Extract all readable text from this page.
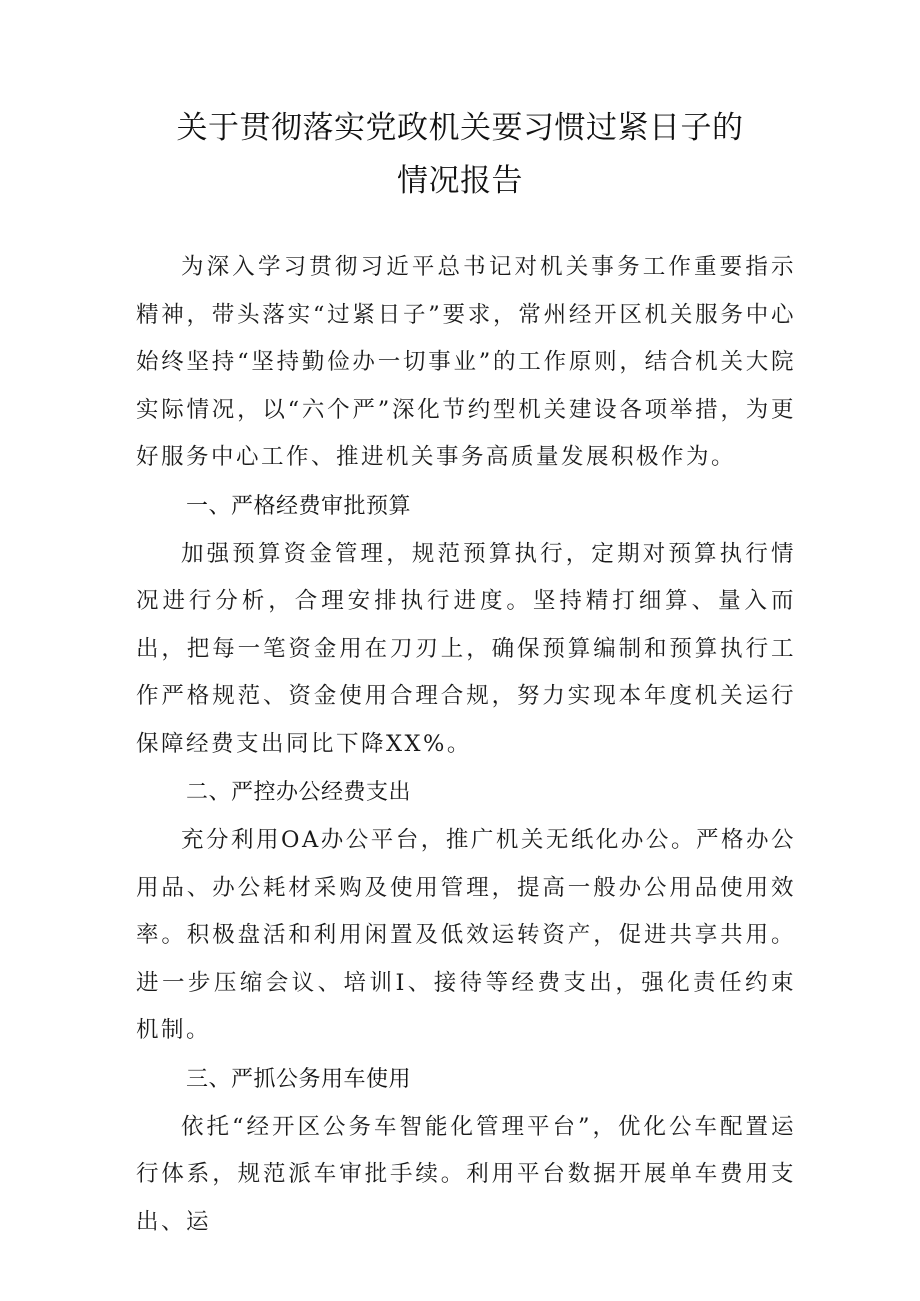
关于贯彻落实党政机关要习惯过紧日子的
情况报告

为深入学习贯彻习近平总书记对机关事务工作重要指示精神，带头落实“过紧日子”要求，常州经开区机关服务中心始终坚持“坚持勤俭办一切事业”的工作原则，结合机关大院实际情况，以“六个严”深化节约型机关建设各项举措，为更好服务中心工作、推进机关事务高质量发展积极作为。

一、严格经费审批预算

加强预算资金管理，规范预算执行，定期对预算执行情况进行分析，合理安排执行进度。坚持精打细算、量入而出，把每一笔资金用在刀刃上，确保预算编制和预算执行工作严格规范、资金使用合理合规，努力实现本年度机关运行保障经费支出同比下降XX%。

二、严控办公经费支出

充分利用OA办公平台，推广机关无纸化办公。严格办公用品、办公耗材采购及使用管理，提高一般办公用品使用效率。积极盘活和利用闲置及低效运转资产，促进共享共用。进一步压缩会议、培训I、接待等经费支出，强化责任约束机制。

三、严抓公务用车使用

依托“经开区公务车智能化管理平台”，优化公车配置运行体系，规范派车审批手续。利用平台数据开展单车费用支出、运
